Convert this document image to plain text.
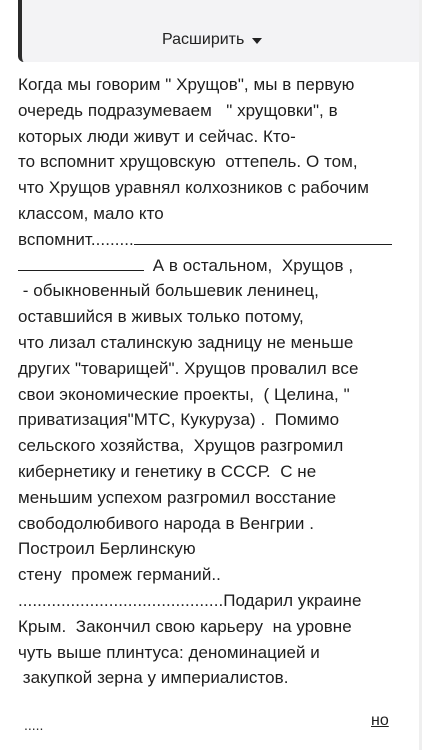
Расширить
Когда мы говорим " Хрущов", мы в первую
очередь подразумеваем   " хрущовки", в
которых люди живут и сейчас. Кто-
то вспомнит хрущовскую  оттепель. О том,
что Хрущов уравнял колхозников с рабочим
классом, мало кто
вспомнит.........
А в остальном,  Хрущов ,
- обыкновенный большевик ленинец,
оставшийся в живых только потому,
что лизал сталинскую задницу не меньше
других "товарищей". Хрущов провалил все
свои экономические проекты,  ( Целина, "
приватизация"МТС, Кукуруза) .  Помимо
сельского хозяйства,  Хрущов разгромил
кибернетику и генетику в СССР.  С не
меньшим успехом разгромил восстание
свободолюбивого народа в Венгрии .
Построил Берлинскую
стену  промеж германий..
...........................................Подарил украине
Крым.  Закончил свою карьеру  на уровне
чуть выше плинтуса: деноминацией и
закупкой зерна у империалистов.
.....	но
